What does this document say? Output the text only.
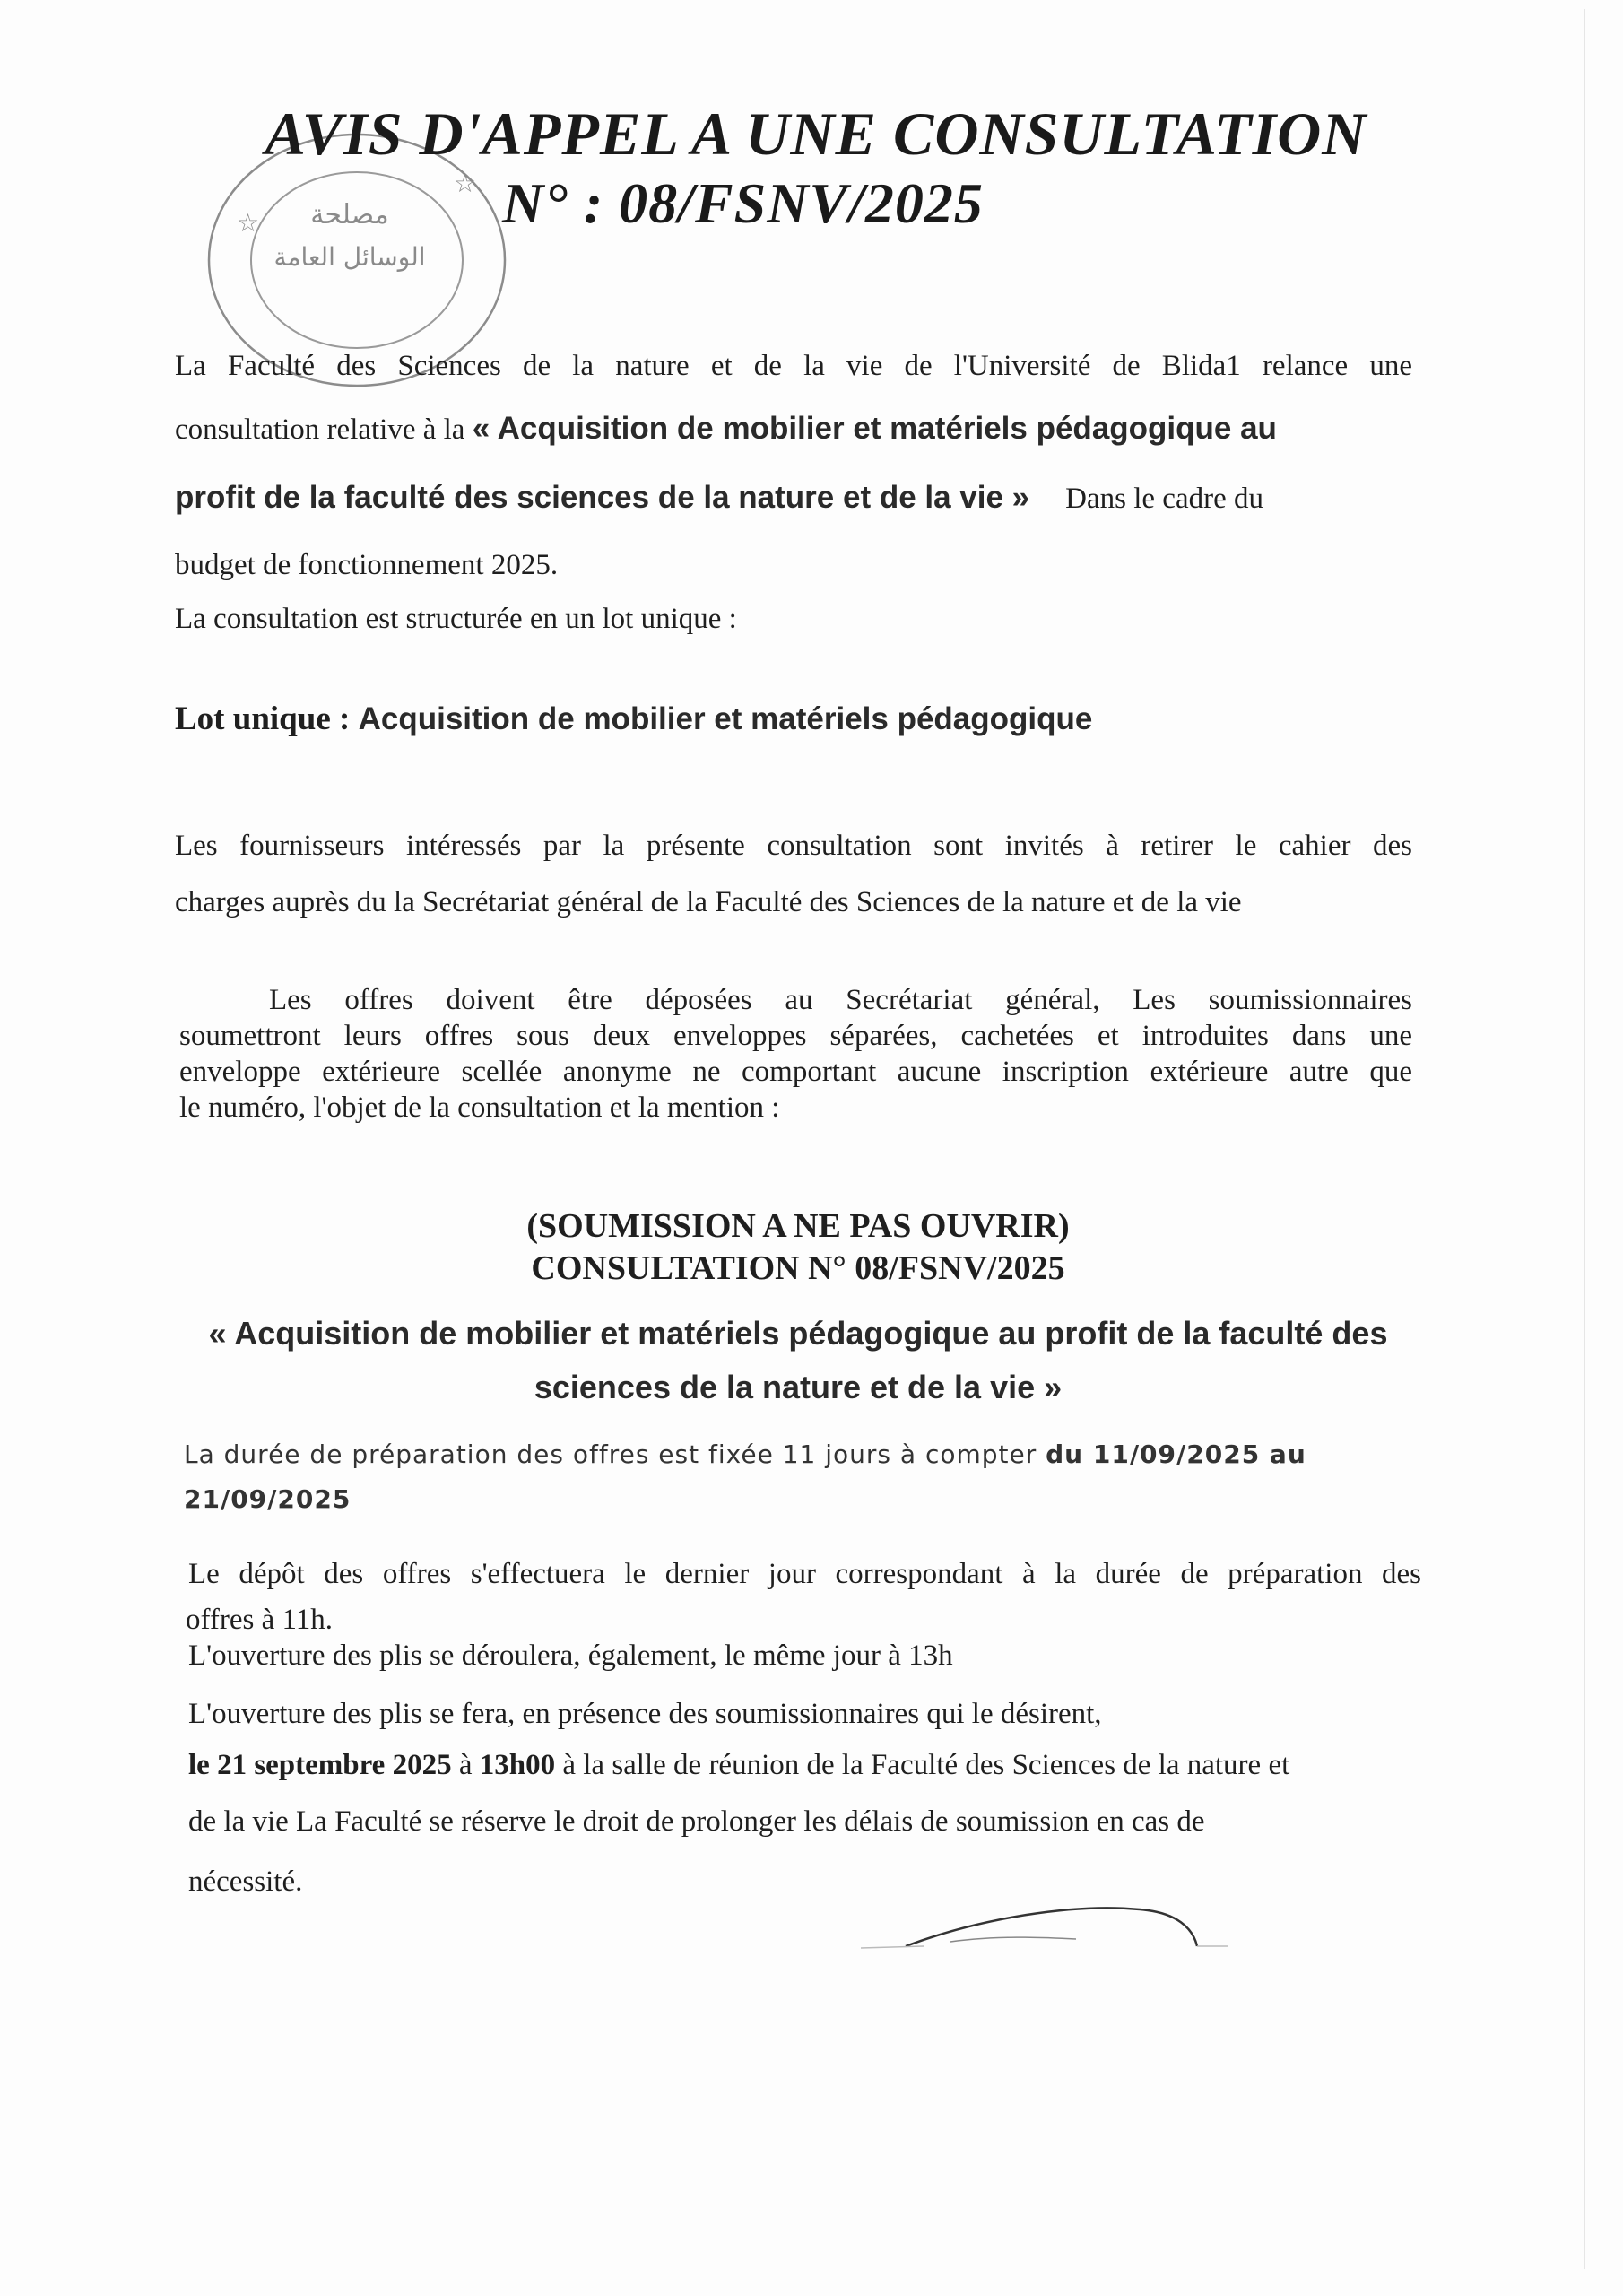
☆
☆
مصلحة
الوسائل العامة
AVIS D'APPEL A UNE CONSULTATION
N° : 08/FSNV/2025
La Faculté des Sciences de la nature et de la vie de l'Université de Blida1 relance une
consultation relative à la « Acquisition de mobilier et matériels pédagogique au
profit de la faculté des sciences de la nature et de la vie » Dans le cadre du
budget de fonctionnement 2025.
La consultation est structurée en un lot unique :
Lot unique : Acquisition de mobilier et matériels pédagogique
Les fournisseurs intéressés par la présente consultation sont invités à retirer le cahier des
charges auprès du la Secrétariat général de la Faculté des Sciences de la nature et de la vie
Les offres doivent être déposées au Secrétariat général, Les soumissionnaires
soumettront leurs offres sous deux enveloppes séparées, cachetées et introduites dans une
enveloppe extérieure scellée anonyme ne comportant aucune inscription extérieure autre que
le numéro, l'objet de la consultation et la mention :
(SOUMISSION A NE PAS OUVRIR)
CONSULTATION N° 08/FSNV/2025
« Acquisition de mobilier et matériels pédagogique au profit de la faculté des
sciences de la nature et de la vie »
La durée de préparation des offres est fixée 11 jours à compter du 11/09/2025 au
21/09/2025
Le dépôt des offres s'effectuera le dernier jour correspondant à la durée de préparation des
offres à 11h.
L'ouverture des plis se déroulera, également, le même jour à 13h
L'ouverture des plis se fera, en présence des soumissionnaires qui le désirent,
le 21 septembre 2025 à 13h00 à la salle de réunion de la Faculté des Sciences de la nature et
de la vie La Faculté se réserve le droit de prolonger les délais de soumission en cas de
nécessité.
